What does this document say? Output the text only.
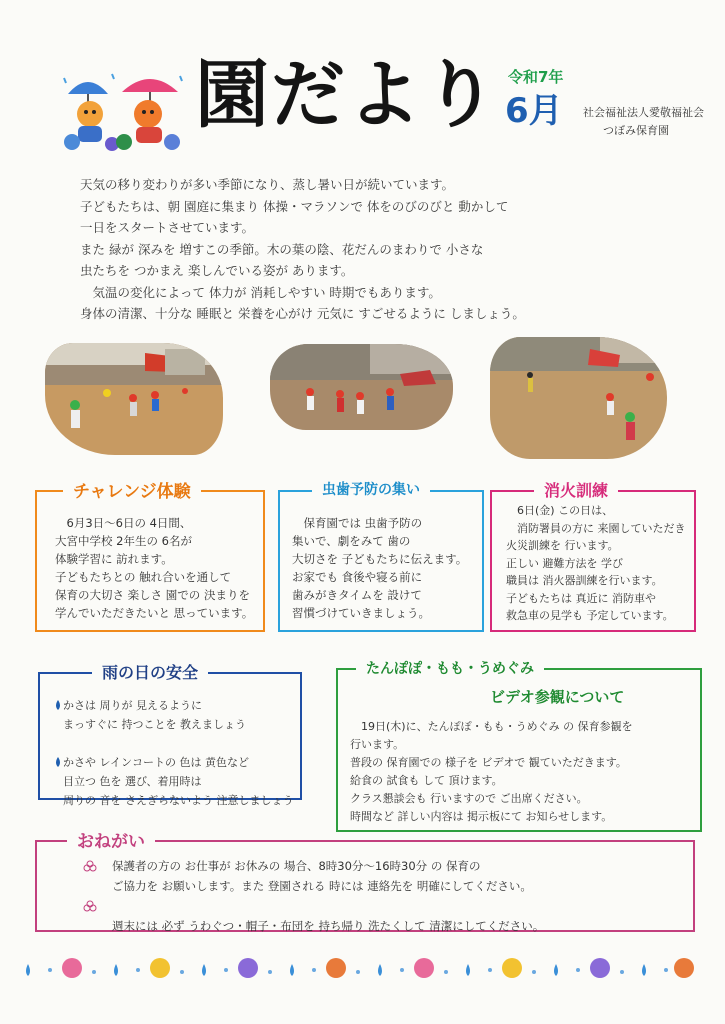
園だより 令和7年
6月 社会福祉法人愛敬福祉会
つぼみ保育園

天気の移り変わりが多い季節になり、蒸し暑い日が続いています。

子どもたちは、朝 園庭に集まり 体操・マラソンで 体をのびのびと 動かして

一日をスタートさせています。

また 緑が 深みを 増すこの季節。木の葉の陰、花だんのまわりで 小さな

虫たちを つかまえ 楽しんでいる姿が あります。

　気温の変化によって 体力が 消耗しやすい 時期でもあります。

身体の清潔、十分な 睡眠と 栄養を心がけ 元気に すごせるように しましょう。

チャレンジ体験
　6月3日～6日の 4日間、
大宮中学校 2年生の 6名が
体験学習に 訪れます。
子どもたちとの 触れ合いを通して
保育の大切さ 楽しさ 園での 決まりを
学んでいただきたいと 思っています。
虫歯予防の集い
　保育園では 虫歯予防の
集いで、劇をみて 歯の
大切さを 子どもたちに伝えます。
お家でも 食後や寝る前に
歯みがきタイムを 設けて
習慣づけていきましょう。
消火訓練
　6日(金) この日は、
　消防署員の方に 来園していただき
火災訓練を 行います。
正しい 避難方法を 学び
職員は 消火器訓練を行います。
子どもたちは 真近に 消防車や
救急車の見学も 予定しています。
雨の日の安全
　かさは 周りが 見えるように
　まっすぐに 持つことを 教えましょう

　かさや レインコートの 色は 黄色など
　目立つ 色を 選び、着用時は
　周りの 音を さえぎらないよう 注意しましょう
たんぽぽ・もも・うめぐみ
ビデオ参観について
　19日(木)に、たんぽぽ・もも・うめぐみ の 保育参観を
行います。
普段の 保育園での 様子を ビデオで 観ていただきます。
給食の 試食も して 頂けます。
クラス懇談会も 行いますので ご出席ください。
時間など 詳しい内容は 掲示板にて お知らせします。
おねがい
保護者の方の お仕事が お休みの 場合、8時30分～16時30分 の 保育の
ご協力を お願いします。また 登園される 時には 連絡先を 明確にしてください。

週末には 必ず うわぐつ・帽子・布団を 持ち帰り 洗たくして 清潔にしてください。
